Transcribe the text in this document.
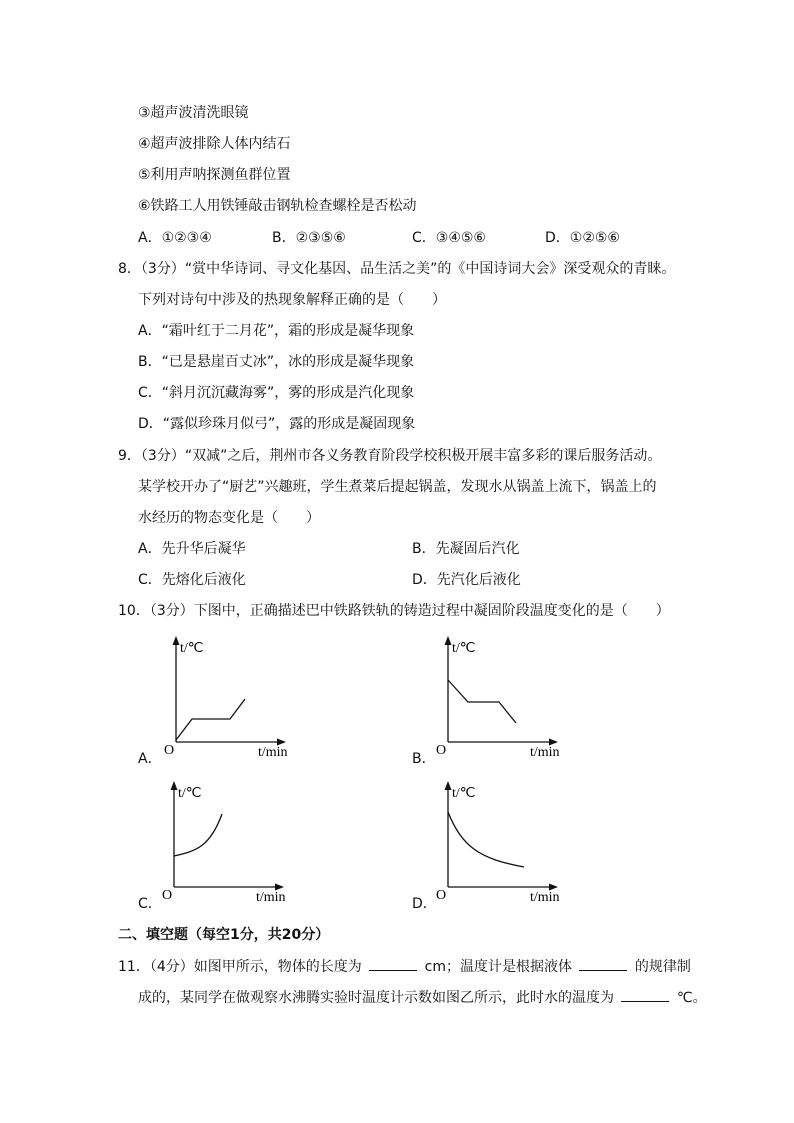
③超声波清洗眼镜
④超声波排除人体内结石
⑤利用声呐探测鱼群位置
⑥铁路工人用铁锤敲击钢轨检查螺栓是否松动
A．①②③④	B．②③⑤⑥	C．③④⑤⑥	D．①②⑤⑥
8．（3分）“赏中华诗词、寻文化基因、品生活之美”的《中国诗词大会》深受观众的青睐。
下列对诗句中涉及的热现象解释正确的是（　　）
A．“霜叶红于二月花”，霜的形成是凝华现象
B．“已是悬崖百丈冰”，冰的形成是凝华现象
C．“斜月沉沉藏海雾”，雾的形成是汽化现象
D．“露似珍珠月似弓”，露的形成是凝固现象
9．（3分）“双减”之后，荆州市各义务教育阶段学校积极开展丰富多彩的课后服务活动。
某学校开办了“厨艺”兴趣班，学生煮菜后提起锅盖，发现水从锅盖上流下，锅盖上的
水经历的物态变化是（　　）
A．先升华后凝华	B．先凝固后汽化
C．先熔化后液化	D．先汽化后液化
10．（3分）下图中，正确描述巴中铁路铁轨的铸造过程中凝固阶段温度变化的是（　　）
A．
t/℃
t/min
O
B．
t/℃
t/min
O
C．
t/℃
t/min
O
D．
t/℃
t/min
O
二、填空题（每空1分，共20分）
11．（4分）如图甲所示，物体的长度为	cm；温度计是根据液体	的规律制
成的，某同学在做观察水沸腾实验时温度计示数如图乙所示，此时水的温度为	℃。
